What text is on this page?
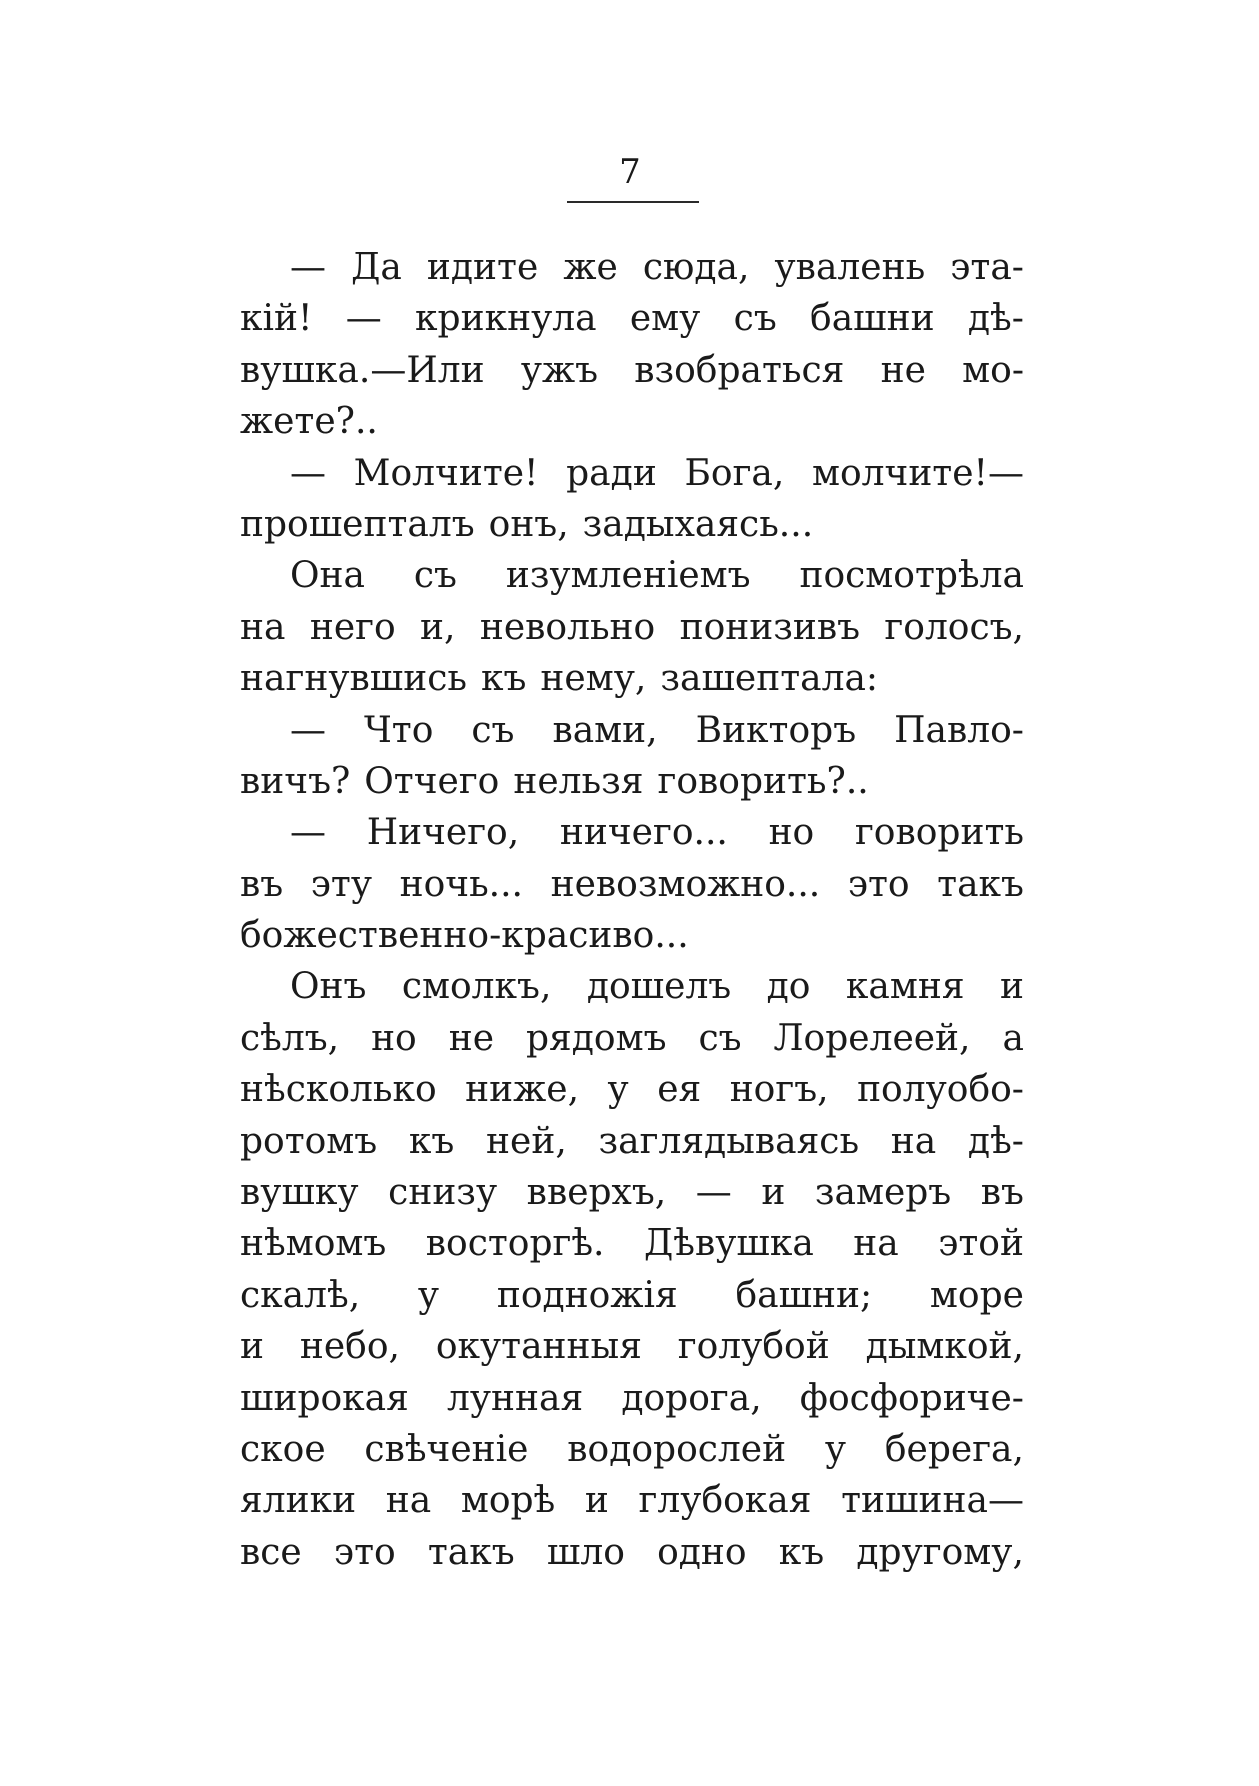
7
— Да идите же сюда, увалень эта-
кій! — крикнула ему съ башни дѣ-
вушка.—Или ужъ взобраться не мо-
жете?..
— Молчите! ради Бога, молчите!—
прошепталъ онъ, задыхаясь...
Она съ изумленіемъ посмотрѣла
на него и, невольно понизивъ голосъ,
нагнувшись къ нему, зашептала:
— Что съ вами, Викторъ Павло-
вичъ? Отчего нельзя говорить?..
— Ничего, ничего... но говорить
въ эту ночь... невозможно... это такъ
божественно-красиво...
Онъ смолкъ, дошелъ до камня и
сѣлъ, но не рядомъ съ Лорелеей, а
нѣсколько ниже, у ея ногъ, полуобо-
ротомъ къ ней, заглядываясь на дѣ-
вушку снизу вверхъ, — и замеръ въ
нѣмомъ восторгѣ. Дѣвушка на этой
скалѣ, у подножія башни; море
и небо, окутанныя голубой дымкой,
широкая лунная дорога, фосфориче-
ское свѣченіе водорослей у берега,
ялики на морѣ и глубокая тишина—
все это такъ шло одно къ другому,
